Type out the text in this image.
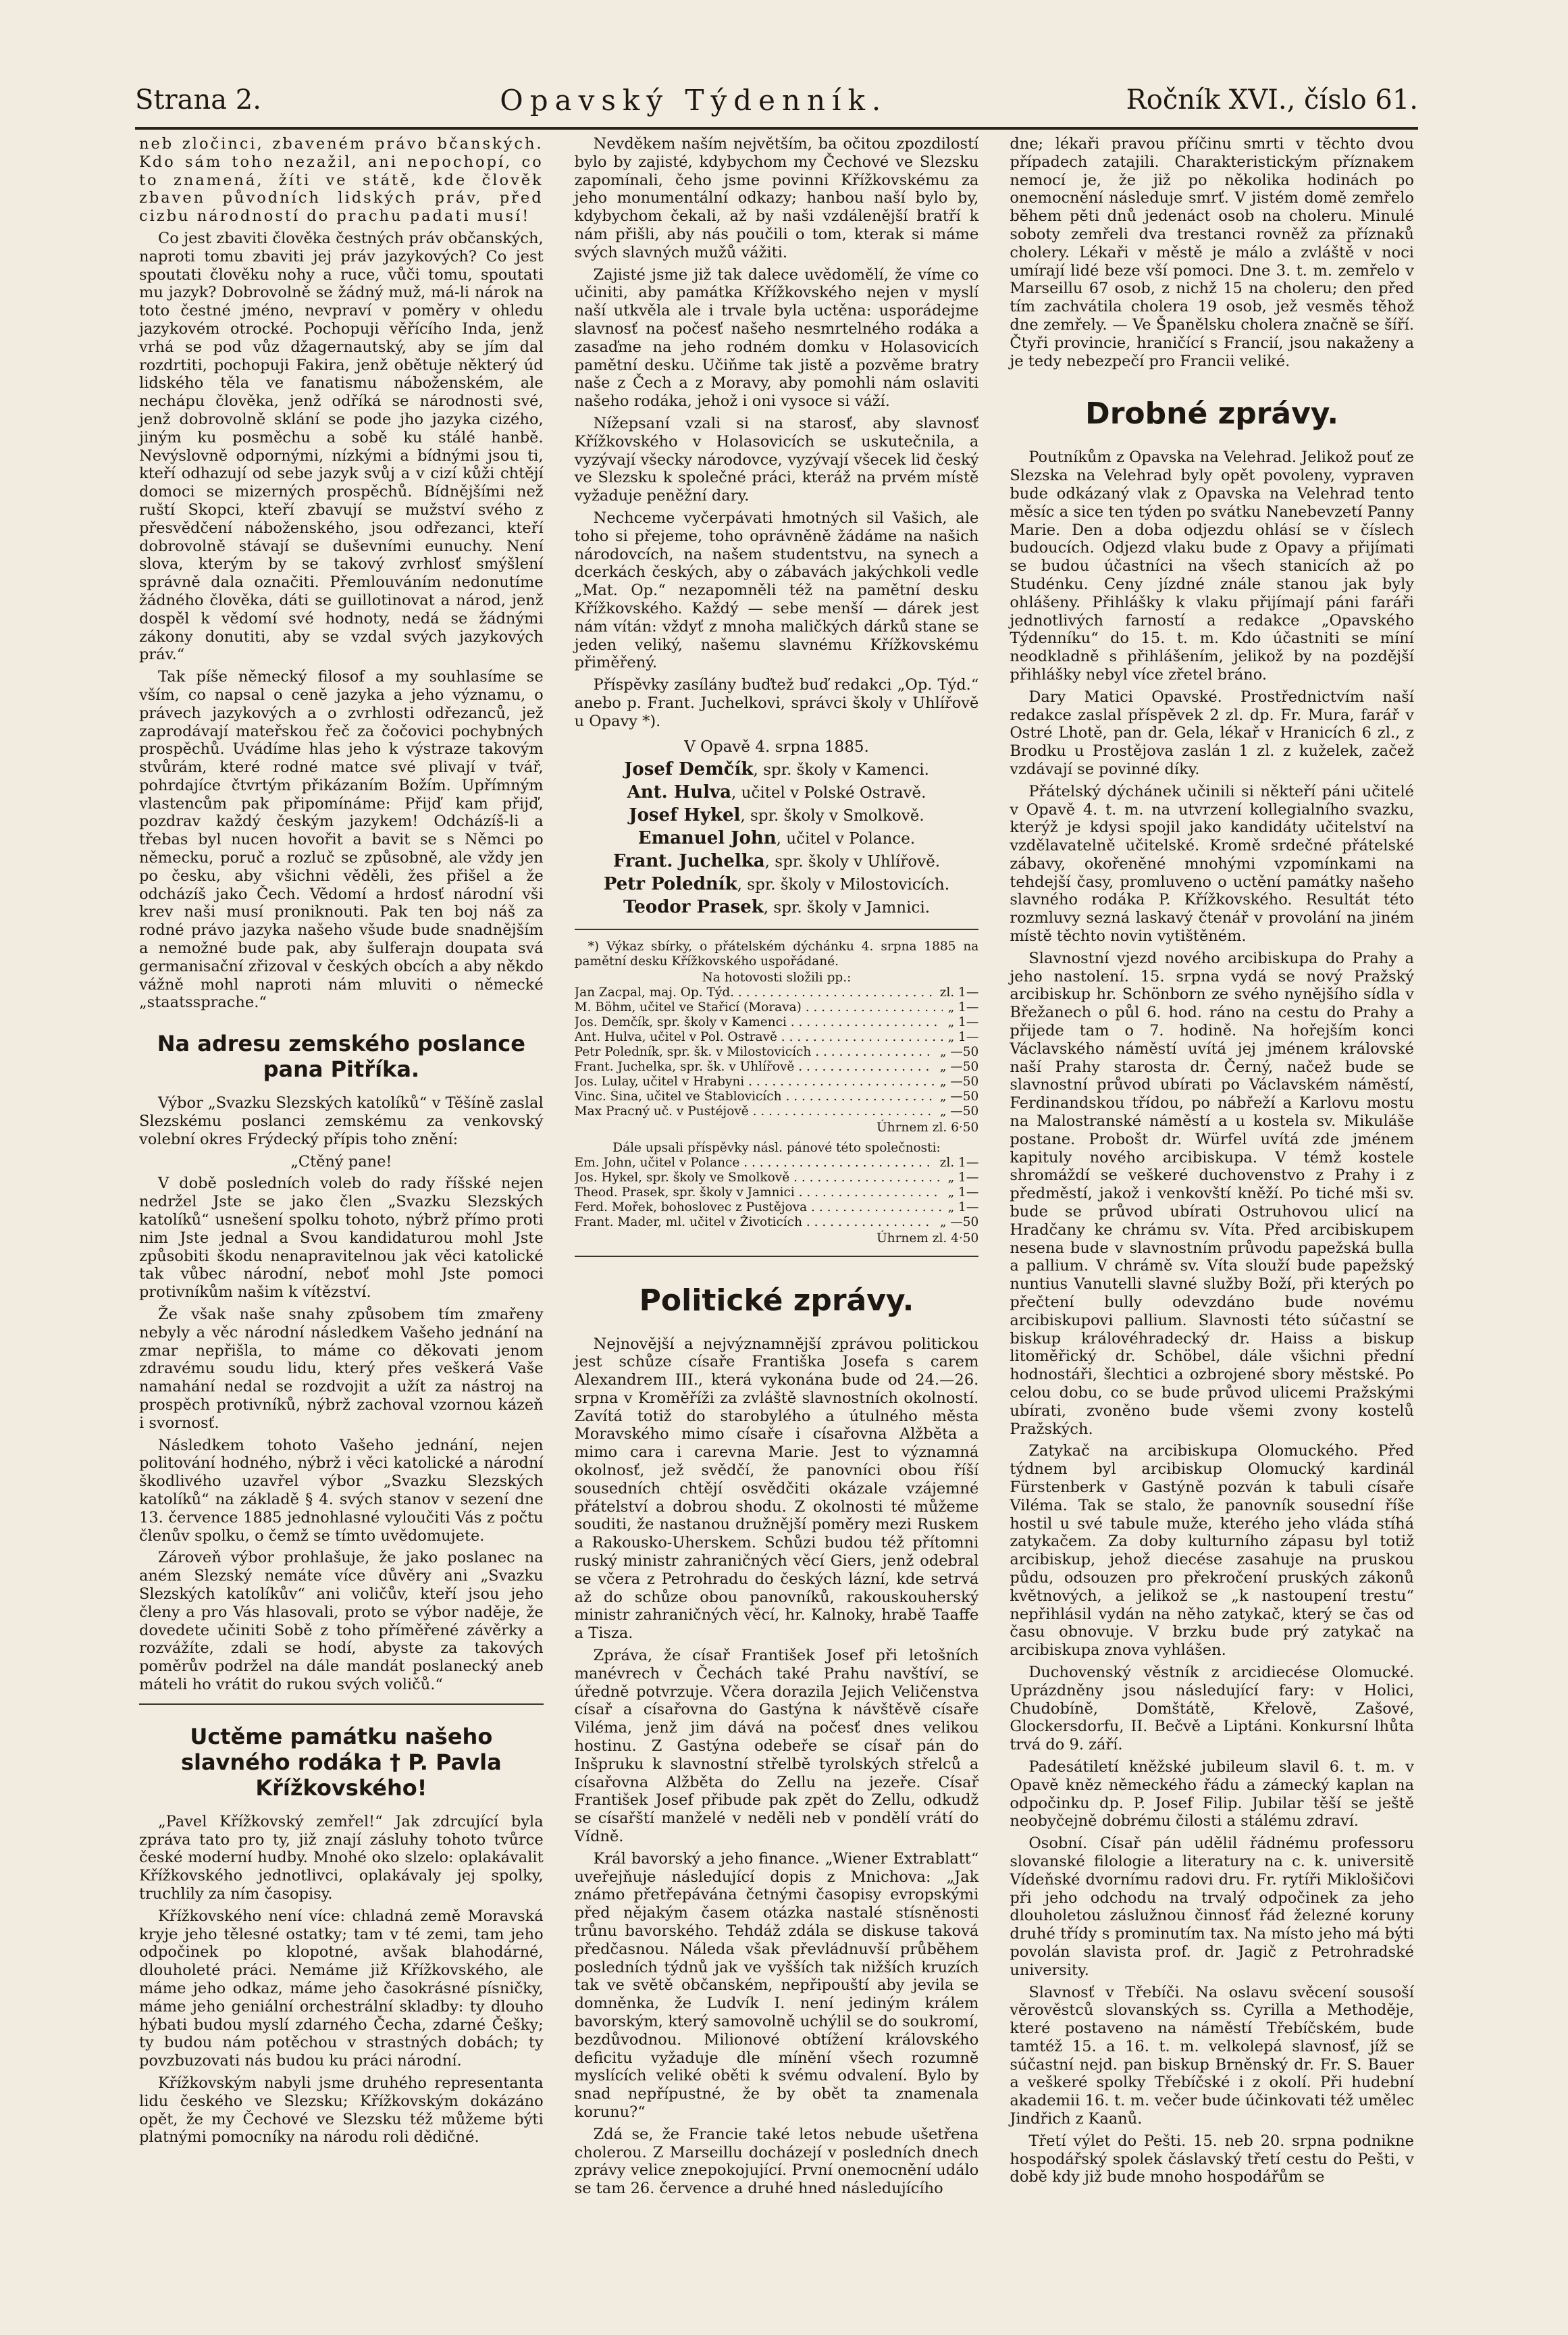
Strana 2.	Opavský Týdenník.	Ročník XVI., číslo 61.

neb zločinci, zbaveném právo bčanských. Kdo sám toho nezažil, ani nepochopí, co to znamená, žíti ve státě, kde člověk zbaven původních lidských práv, před cizbu národností do prachu padati musí!

Co jest zbaviti člověka čestných práv občanských, naproti tomu zbaviti jej práv jazykových? Co jest spoutati člověku nohy a ruce, vůči tomu, spoutati mu jazyk? Dobrovolně se žádný muž, má-li nárok na toto čestné jméno, nevpraví v poměry v ohledu jazykovém otrocké. Pochopuji věřícího Inda, jenž vrhá se pod vůz džagernautský, aby se jím dal rozdrtiti, pochopuji Fakira, jenž obětuje některý úd lidského těla ve fanatismu náboženském, ale nechápu člověka, jenž odříká se národnosti své, jenž dobrovolně sklání se pode jho jazyka cizého, jiným ku posměchu a sobě ku stálé hanbě. Nevýslovně odpornými, nízkými a bídnými jsou ti, kteří odhazují od sebe jazyk svůj a v cizí kůži chtějí domoci se mizerných prospěchů. Bídnějšími než ruští Skopci, kteří zbavují se mužství svého z přesvědčení náboženského, jsou odřezanci, kteří dobrovolně stávají se duševními eunuchy. Není slova, kterým by se takový zvrhlosť smýšlení správně dala označiti. Přemlouváním nedonutíme žádného člověka, dáti se guillotinovat a národ, jenž dospěl k vědomí své hodnoty, nedá se žádnými zákony donutiti, aby se vzdal svých jazykových práv.“

Tak píše německý filosof a my souhlasíme se vším, co napsal o ceně jazyka a jeho významu, o právech jazykových a o zvrhlosti odřezanců, jež zaprodávají mateřskou řeč za čočovici pochybných prospěchů. Uvádíme hlas jeho k výstraze takovým stvůrám, které rodné matce své plivají v tvář, pohrdajíce čtvrtým přikázaním Božím. Upřímným vlastencům pak připomínáme: Přijď kam přijď, pozdrav každý českým jazykem! Odcházíš-li a třebas byl nucen hovořit a bavit se s Němci po německu, poruč a rozluč se způsobně, ale vždy jen po česku, aby všichni věděli, žes přišel a že odcházíš jako Čech. Vědomí a hrdosť národní vši krev naši musí proniknouti. Pak ten boj náš za rodné právo jazyka našeho všude bude snadnějším a nemožné bude pak, aby šulferajn doupata svá germanisační zřizoval v českých obcích a aby někdo vážně mohl naproti nám mluviti o německé „staatssprache.“

Na adresu zemského poslance pana Pitříka.

Výbor „Svazku Slezských katolíků“ v Těšíně zaslal Slezskému poslanci zemskému za venkovský volební okres Frýdecký přípis toho znění:

„Ctěný pane!

V době posledních voleb do rady říšské nejen nedržel Jste se jako člen „Svazku Slezských katolíků“ usnešení spolku tohoto, nýbrž přímo proti nim Jste jednal a Svou kandidaturou mohl Jste způsobiti škodu nenapravitelnou jak věci katolické tak vůbec národní, neboť mohl Jste pomoci protivníkům našim k vítězství.

Že však naše snahy způsobem tím zmařeny nebyly a věc národní následkem Vašeho jednání na zmar nepřišla, to máme co děkovati jenom zdravému soudu lidu, který přes veškerá Vaše namahání nedal se rozdvojit a užít za nástroj na prospěch protivníků, nýbrž zachoval vzornou kázeň i svornosť.

Následkem tohoto Vašeho jednání, nejen politování hodného, nýbrž i věci katolické a národní škodlivého uzavřel výbor „Svazku Slezských katolíků“ na základě § 4. svých stanov v sezení dne 13. července 1885 jednohlasné vyloučiti Vás z počtu členův spolku, o čemž se tímto uvědomujete.

Zároveň výbor prohlašuje, že jako poslanec na aném Slezský nemáte více důvěry ani „Svazku Slezských katolíkův“ ani voličův, kteří jsou jeho členy a pro Vás hlasovali, proto se výbor naděje, že dovedete učiniti Sobě z toho příměřené závěrky a rozvážíte, zdali se hodí, abyste za takových poměrův podržel na dále mandát poslanecký aneb máteli ho vrátit do rukou svých voličů.“

Uctěme památku našeho slavného rodáka † P. Pavla Křížkovského!

„Pavel Křížkovský zemřel!“ Jak zdrcující byla zpráva tato pro ty, již znají zásluhy tohoto tvůrce české moderní hudby. Mnohé oko slzelo: oplakávalit Křížkovského jednotlivci, oplakávaly jej spolky, truchlily za ním časopisy.

Křížkovského není více: chladná země Moravská kryje jeho tělesné ostatky; tam v té zemi, tam jeho odpočinek po klopotné, avšak blahodárné, dlouholeté práci. Nemáme již Křížkovského, ale máme jeho odkaz, máme jeho časokrásné písničky, máme jeho geniální orchestrální skladby: ty dlouho hýbati budou myslí zdarného Čecha, zdarné Češky; ty budou nám potěchou v strastných dobách; ty povzbuzovati nás budou ku práci národní.

Křížkovským nabyli jsme druhého representanta lidu českého ve Slezsku; Křížkovským dokázáno opět, že my Čechové ve Slezsku též můžeme býti platnými pomocníky na národu roli dědičné.

Nevděkem naším největším, ba očitou zpozdilostí bylo by zajisté, kdybychom my Čechové ve Slezsku zapomínali, čeho jsme povinni Křížkovskému za jeho monumentální odkazy; hanbou naší bylo by, kdybychom čekali, až by naši vzdálenější bratří k nám přišli, aby nás poučili o tom, kterak si máme svých slavných mužů vážiti.

Zajisté jsme již tak dalece uvědomělí, že víme co učiniti, aby památka Křížkovského nejen v myslí naší utkvěla ale i trvale byla uctěna: usporádejme slavnosť na počesť našeho nesmrtelného rodáka a zasaďme na jeho rodném domku v Holasovicích pamětní desku. Učiňme tak jistě a pozvěme bratry naše z Čech a z Moravy, aby pomohli nám oslaviti našeho rodáka, jehož i oni vysoce si váží.

Nížepsaní vzali si na starosť, aby slavnosť Křížkovského v Holasovicích se uskutečnila, a vyzývají všecky národovce, vyzývají všecek lid český ve Slezsku k společné práci, kteráž na prvém místě vyžaduje peněžní dary.

Nechceme vyčerpávati hmotných sil Vašich, ale toho si přejeme, toho oprávněně žádáme na našich národovcích, na našem studentstvu, na synech a dcerkách českých, aby o zábavách jakýchkoli vedle „Mat. Op.“ nezapomněli též na pamětní desku Křížkovského. Každý — sebe menší — dárek jest nám vítán: vždyť z mnoha maličkých dárků stane se jeden veliký, našemu slavnému Křížkovskému přiměřený.

Příspěvky zasílány buďtež buď redakci „Op. Týd.“ anebo p. Frant. Juchelkovi, správci školy v Uhlířově u Opavy *).

V Opavě 4. srpna 1885.
Josef Demčík, spr. školy v Kamenci.
Ant. Hulva, učitel v Polské Ostravě.
Josef Hykel, spr. školy v Smolkově.
Emanuel John, učitel v Polance.
Frant. Juchelka, spr. školy v Uhlířově.
Petr Poledník, spr. školy v Milostovicích.
Teodor Prasek, spr. školy v Jamnici.

*) Výkaz sbírky, o přátelském dýchánku 4. srpna 1885 na pamětní desku Křížkovského uspořádané.

Na hotovosti složili pp.:
Jan Zacpal, maj. Op. Týd. . . .	zl. 1—
M. Böhm, učitel ve Stařicí (Morava) . . .	„ 1—
Jos. Demčík, spr. školy v Kamenci . . .	„ 1—
Ant. Hulva, učitel v Pol. Ostravě . . .	„ 1—
Petr Poledník, spr. šk. v Milostovicích . . .	„ —50
Frant. Juchelka, spr. šk. v Uhlířově . . .	„ —50
Jos. Lulay, učitel v Hrabyni . . .	„ —50
Vinc. Šina, učitel ve Štablovicích . . .	„ —50
Max Pracný uč. v Pustéjově . . .	„ —50
Úhrnem zl. 6·50
Dále upsali příspěvky násl. pánové této společnosti:
Em. John, učitel v Polance . . .	zl. 1—
Jos. Hykel, spr. školy ve Smolkově . . .	„ 1—
Theod. Prasek, spr. školy v Jamnici . . .	„ 1—
Ferd. Mořek, bohoslovec z Pustějova . . .	„ 1—
Frant. Mader, ml. učitel v Životicích . . .	„ —50
Úhrnem zl. 4·50
Politické zprávy.

Nejnovější a nejvýznamnější zprávou politickou jest schůze císaře Františka Josefa s carem Alexandrem III., která vykonána bude od 24.—26. srpna v Kroměříži za zvláště slavnostních okolností. Zavítá totiž do starobylého a útulného města Moravského mimo císaře i císařovna Alžběta a mimo cara i carevna Marie. Jest to významná okolnosť, jež svědčí, že panovníci obou říší sousedních chtějí osvědčiti okázale vzájemné přátelství a dobrou shodu. Z okolnosti té můžeme souditi, že nastanou družnější poměry mezi Ruskem a Rakousko-Uherskem. Schůzi budou též přítomni ruský ministr zahraničných věcí Giers, jenž odebral se včera z Petrohradu do českých lázní, kde setrvá až do schůze obou panovníků, rakouskouherský ministr zahraničných věcí, hr. Kalnoky, hrabě Taaffe a Tisza.

Zpráva, že císař František Josef při letošních manévrech v Čechách také Prahu navštíví, se úředně potvrzuje. Včera dorazila Jejich Veličenstva císař a císařovna do Gastýna k návštěvě císaře Viléma, jenž jim dává na počesť dnes velikou hostinu. Z Gastýna odebeře se císař pán do Inšpruku k slavnostní střelbě tyrolských střelců a císařovna Alžběta do Zellu na jezeře. Císař František Josef přibude pak zpět do Zellu, odkudž se císařští manželé v neděli neb v pondělí vrátí do Vídně.

Král bavorský a jeho finance. „Wiener Extrablatt“ uveřejňuje následující dopis z Mnichova: „Jak známo přetřepávána četnými časopisy evropskými před nějakým časem otázka nastalé stísněnosti trůnu bavorského. Tehdáž zdála se diskuse taková předčasnou. Náleda však převládnuvší průběhem posledních týdnů jak ve vyšších tak nižších kruzích tak ve světě občanském, nepřipouští aby jevila se domněnka, že Ludvík I. není jediným králem bavorským, který samovolně uchýlil se do soukromí, bezdůvodnou. Milionové obtížení královského deficitu vyžaduje dle mínění všech rozumně myslících veliké oběti k svému odvalení. Bylo by snad nepřípustné, že by obět ta znamenala korunu?“

Zdá se, že Francie také letos nebude ušetřena cholerou. Z Marseillu docházejí v posledních dnech zprávy velice znepokojující. První onemocnění událo se tam 26. července a druhé hned následujícího

dne; lékaři pravou příčinu smrti v těchto dvou případech zatajili. Charakteristickým příznakem nemocí je, že již po několika hodinách po onemocnění následuje smrť. V jistém domě zemřelo během pěti dnů jedenáct osob na choleru. Minulé soboty zemřeli dva trestanci rovněž za příznaků cholery. Lékaři v městě je málo a zvláště v noci umírají lidé beze vší pomoci. Dne 3. t. m. zemřelo v Marseillu 67 osob, z nichž 15 na choleru; den před tím zachvátila cholera 19 osob, jež vesměs těhož dne zemřely. — Ve Španělsku cholera značně se šíří. Čtyři provincie, hraničící s Francií, jsou nakaženy a je tedy nebezpečí pro Francii veliké.

Drobné zprávy.

Poutníkům z Opavska na Velehrad. Jelikož pouť ze Slezska na Velehrad byly opět povoleny, vypraven bude odkázaný vlak z Opavska na Velehrad tento měsíc a sice ten týden po svátku Nanebevzetí Panny Marie. Den a doba odjezdu ohlásí se v číslech budoucích. Odjezd vlaku bude z Opavy a přijímati se budou účastníci na všech stanicích až po Studénku. Ceny jízdné znále stanou jak byly ohlášeny. Přihlášky k vlaku přijímají páni faráři jednotlivých farností a redakce „Opavského Týdenníku“ do 15. t. m. Kdo účastniti se míní neodkladně s přihlášením, jelikož by na pozdější přihlášky nebyl více zřetel bráno.

Dary Matici Opavské. Prostřednictvím naší redakce zaslal příspěvek 2 zl. dp. Fr. Mura, farář v Ostré Lhotě, pan dr. Gela, lékař v Hranicích 6 zl., z Brodku u Prostějova zaslán 1 zl. z kuželek, začež vzdávají se povinné díky.

Přátelský dýchánek učinili si někteří páni učitelé v Opavě 4. t. m. na utvrzení kollegialního svazku, kterýž je kdysi spojil jako kandidáty učitelství na vzdělavatelně učitelské. Kromě srdečné přátelské zábavy, okořeněné mnohými vzpomínkami na tehdejší časy, promluveno o uctění památky našeho slavného rodáka P. Křížkovského. Resultát této rozmluvy sezná laskavý čtenář v provolání na jiném místě těchto novin vytištěném.

Slavnostní vjezd nového arcibiskupa do Prahy a jeho nastolení. 15. srpna vydá se nový Pražský arcibiskup hr. Schönborn ze svého nynějšího sídla v Břežanech o půl 6. hod. ráno na cestu do Prahy a přijede tam o 7. hodině. Na hořejším konci Václavského náměstí uvítá jej jménem královské naší Prahy starosta dr. Černý, načež bude se slavnostní průvod ubírati po Václavském náměstí, Ferdinandskou třídou, po nábřeží a Karlovu mostu na Malostranské náměstí a u kostela sv. Mikuláše postane. Probošt dr. Würfel uvítá zde jménem kapituly nového arcibiskupa. V témž kostele shromáždí se veškeré duchovenstvo z Prahy i z předměstí, jakož i venkovští kněží. Po tiché mši sv. bude se průvod ubírati Ostruhovou ulicí na Hradčany ke chrámu sv. Víta. Před arcibiskupem nesena bude v slavnostním průvodu papežská bulla a pallium. V chrámě sv. Víta slouží bude papežský nuntius Vanutelli slavné služby Boží, při kterých po přečtení bully odevzdáno bude novému arcibiskupovi pallium. Slavnosti této súčastní se biskup královéhradecký dr. Haiss a biskup litoměřický dr. Schöbel, dále všichni přední hodnostáři, šlechtici a ozbrojené sbory městské. Po celou dobu, co se bude průvod ulicemi Pražskými ubírati, zvoněno bude všemi zvony kostelů Pražských.

Zatykač na arcibiskupa Olomuckého. Před týdnem byl arcibiskup Olomucký kardinál Fürstenberk v Gastýně pozván k tabuli císaře Viléma. Tak se stalo, že panovník sousední říše hostil u své tabule muže, kterého jeho vláda stíhá zatykačem. Za doby kulturního zápasu byl totiž arcibiskup, jehož diecése zasahuje na pruskou půdu, odsouzen pro překročení pruských zákonů květnových, a jelikož se „k nastoupení trestu“ nepřihlásil vydán na něho zatykač, který se čas od času obnovuje. V brzku bude prý zatykač na arcibiskupa znova vyhlášen.

Duchovenský věstník z arcidiecése Olomucké. Uprázdněny jsou následující fary: v Holici, Chudobíně, Domštátě, Křelově, Zašové, Glockersdorfu, II. Bečvě a Liptáni. Konkursní lhůta trvá do 9. září.

Padesátiletí kněžské jubileum slavil 6. t. m. v Opavě kněz německého řádu a zámecký kaplan na odpočinku dp. P. Josef Filip. Jubilar těší se ještě neobyčejně dobrému čilosti a stálému zdraví.

Osobní. Císař pán udělil řádnému professoru slovanské filologie a literatury na c. k. universitě Vídeňské dvornímu radovi dru. Fr. rytíři Miklošičovi při jeho odchodu na trvalý odpočinek za jeho dlouholetou záslužnou činnosť řád železné koruny druhé třídy s prominutím tax. Na místo jeho má býti povolán slavista prof. dr. Jagič z Petrohradské university.

Slavnosť v Třebíči. Na oslavu svěcení sousoší věrověstců slovanských ss. Cyrilla a Methoděje, které postaveno na náměstí Třebíčském, bude tamtéž 15. a 16. t. m. velkolepá slavnosť, jíž se súčastní nejd. pan biskup Brněnský dr. Fr. S. Bauer a veškeré spolky Třebíčské i z okolí. Při hudební akademii 16. t. m. večer bude účinkovati též umělec Jindřich z Kaanů.

Třetí výlet do Pešti. 15. neb 20. srpna podnikne hospodářský spolek čáslavský třetí cestu do Pešti, v době kdy již bude mnoho hospodářům se
